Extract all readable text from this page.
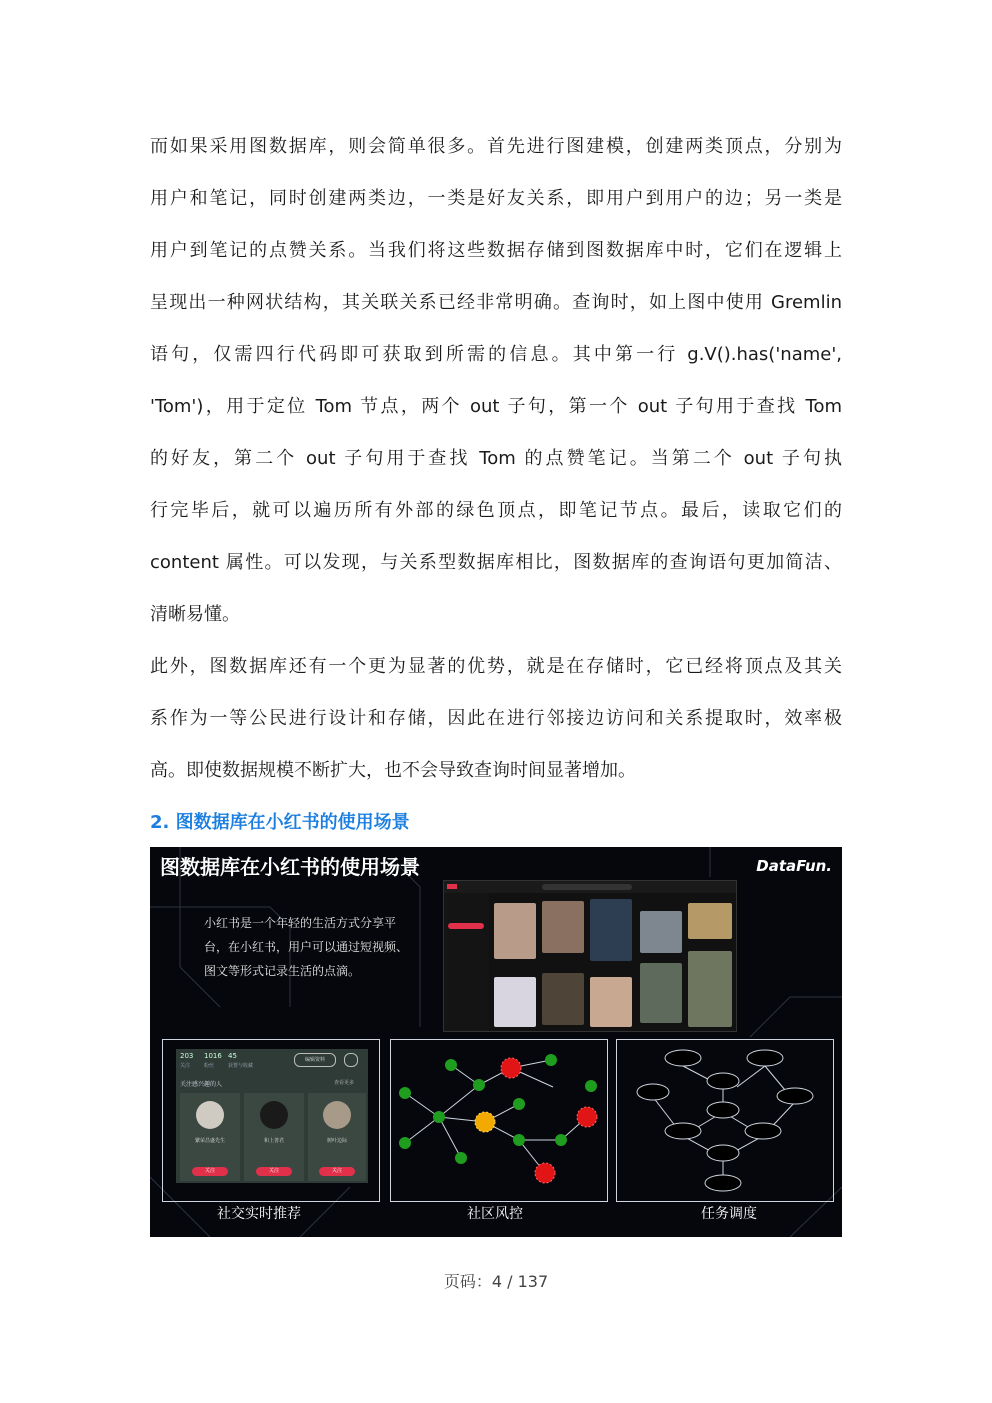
而如果采用图数据库，则会简单很多。首先进行图建模，创建两类顶点，分别为
用户和笔记，同时创建两类边，一类是好友关系，即用户到用户的边；另一类是
用户到笔记的点赞关系。当我们将这些数据存储到图数据库中时，它们在逻辑上
呈现出一种网状结构，其关联关系已经非常明确。查询时，如上图中使用 Gremlin
语句，仅需四行代码即可获取到所需的信息。其中第一行 g.V().has('name',
'Tom')，用于定位 Tom 节点，两个 out 子句，第一个 out 子句用于查找 Tom
的好友，第二个 out 子句用于查找 Tom 的点赞笔记。当第二个 out 子句执
行完毕后，就可以遍历所有外部的绿色顶点，即笔记节点。最后，读取它们的
content 属性。可以发现，与关系型数据库相比，图数据库的查询语句更加简洁、
清晰易懂。
此外，图数据库还有一个更为显著的优势，就是在存储时，它已经将顶点及其关
系作为一等公民进行设计和存储，因此在进行邻接边访问和关系提取时，效率极
高。即使数据规模不断扩大，也不会导致查询时间显著增加。
2. 图数据库在小红书的使用场景
图数据库在小红书的使用场景	DataFun.
小红书是一个年轻的生活方式分享平台，在小红书，用户可以通过短视频、图文等形式记录生活的点滴。
203 1016 45
关注	粉丝	获赞与收藏
编辑资料
关注感兴趣的人	查看更多
繁荣昌盛先生
关注
和上善君
关注
树叶边际
关注
社交实时推荐	社区风控	任务调度
页码：4 / 137
